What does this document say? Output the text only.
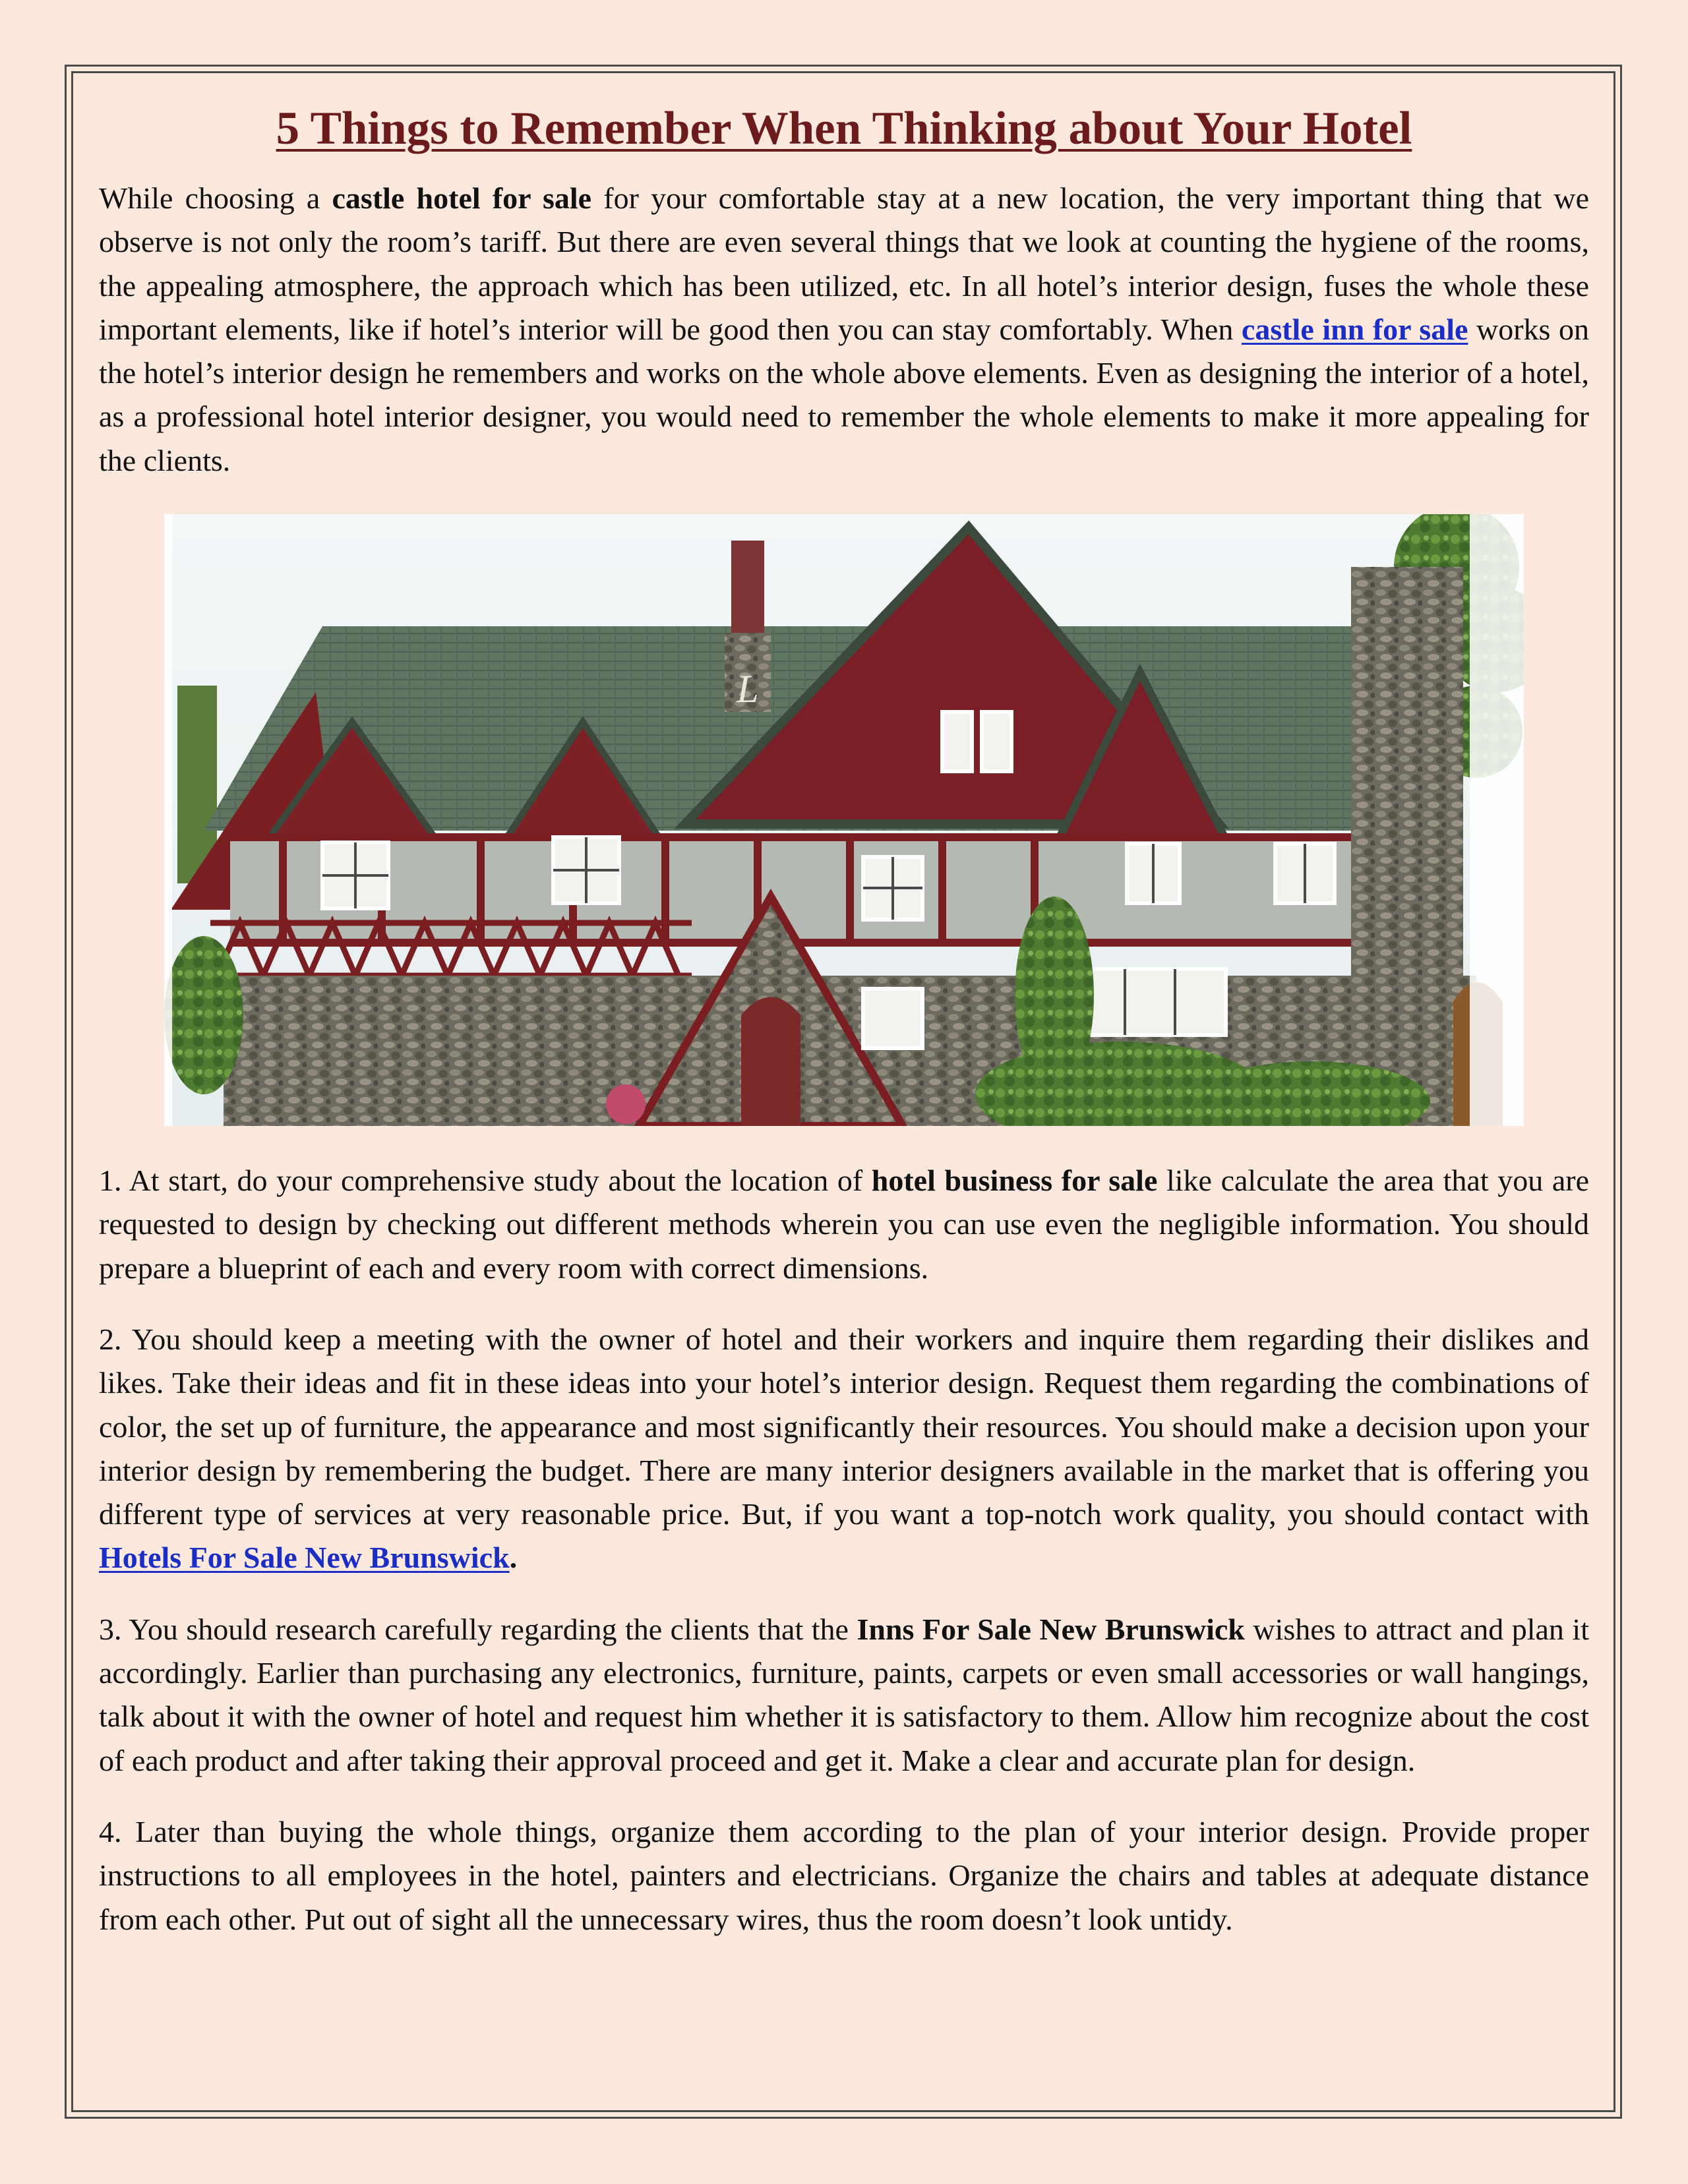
5 Things to Remember When Thinking about Your Hotel

While choosing a castle hotel for sale for your comfortable stay at a new location, the very important thing that we observe is not only the room’s tariff. But there are even several things that we look at counting the hygiene of the rooms, the appealing atmosphere, the approach which has been utilized, etc. In all hotel’s interior design, fuses the whole these important elements, like if hotel’s interior will be good then you can stay comfortably. When castle inn for sale works on the hotel’s interior design he remembers and works on the whole above elements. Even as designing the interior of a hotel, as a professional hotel interior designer, you would need to remember the whole elements to make it more appealing for the clients.

L

1. At start, do your comprehensive study about the location of hotel business for sale like calculate the area that you are requested to design by checking out different methods wherein you can use even the negligible information. You should prepare a blueprint of each and every room with correct dimensions.

2. You should keep a meeting with the owner of hotel and their workers and inquire them regarding their dislikes and likes. Take their ideas and fit in these ideas into your hotel’s interior design. Request them regarding the combinations of color, the set up of furniture, the appearance and most significantly their resources. You should make a decision upon your interior design by remembering the budget. There are many interior designers available in the market that is offering you different type of services at very reasonable price. But, if you want a top-notch work quality, you should contact with Hotels For Sale New Brunswick.

3. You should research carefully regarding the clients that the Inns For Sale New Brunswick wishes to attract and plan it accordingly. Earlier than purchasing any electronics, furniture, paints, carpets or even small accessories or wall hangings, talk about it with the owner of hotel and request him whether it is satisfactory to them. Allow him recognize about the cost of each product and after taking their approval proceed and get it. Make a clear and accurate plan for design.

4. Later than buying the whole things, organize them according to the plan of your interior design. Provide proper instructions to all employees in the hotel, painters and electricians. Organize the chairs and tables at adequate distance from each other. Put out of sight all the unnecessary wires, thus the room doesn’t look untidy.
